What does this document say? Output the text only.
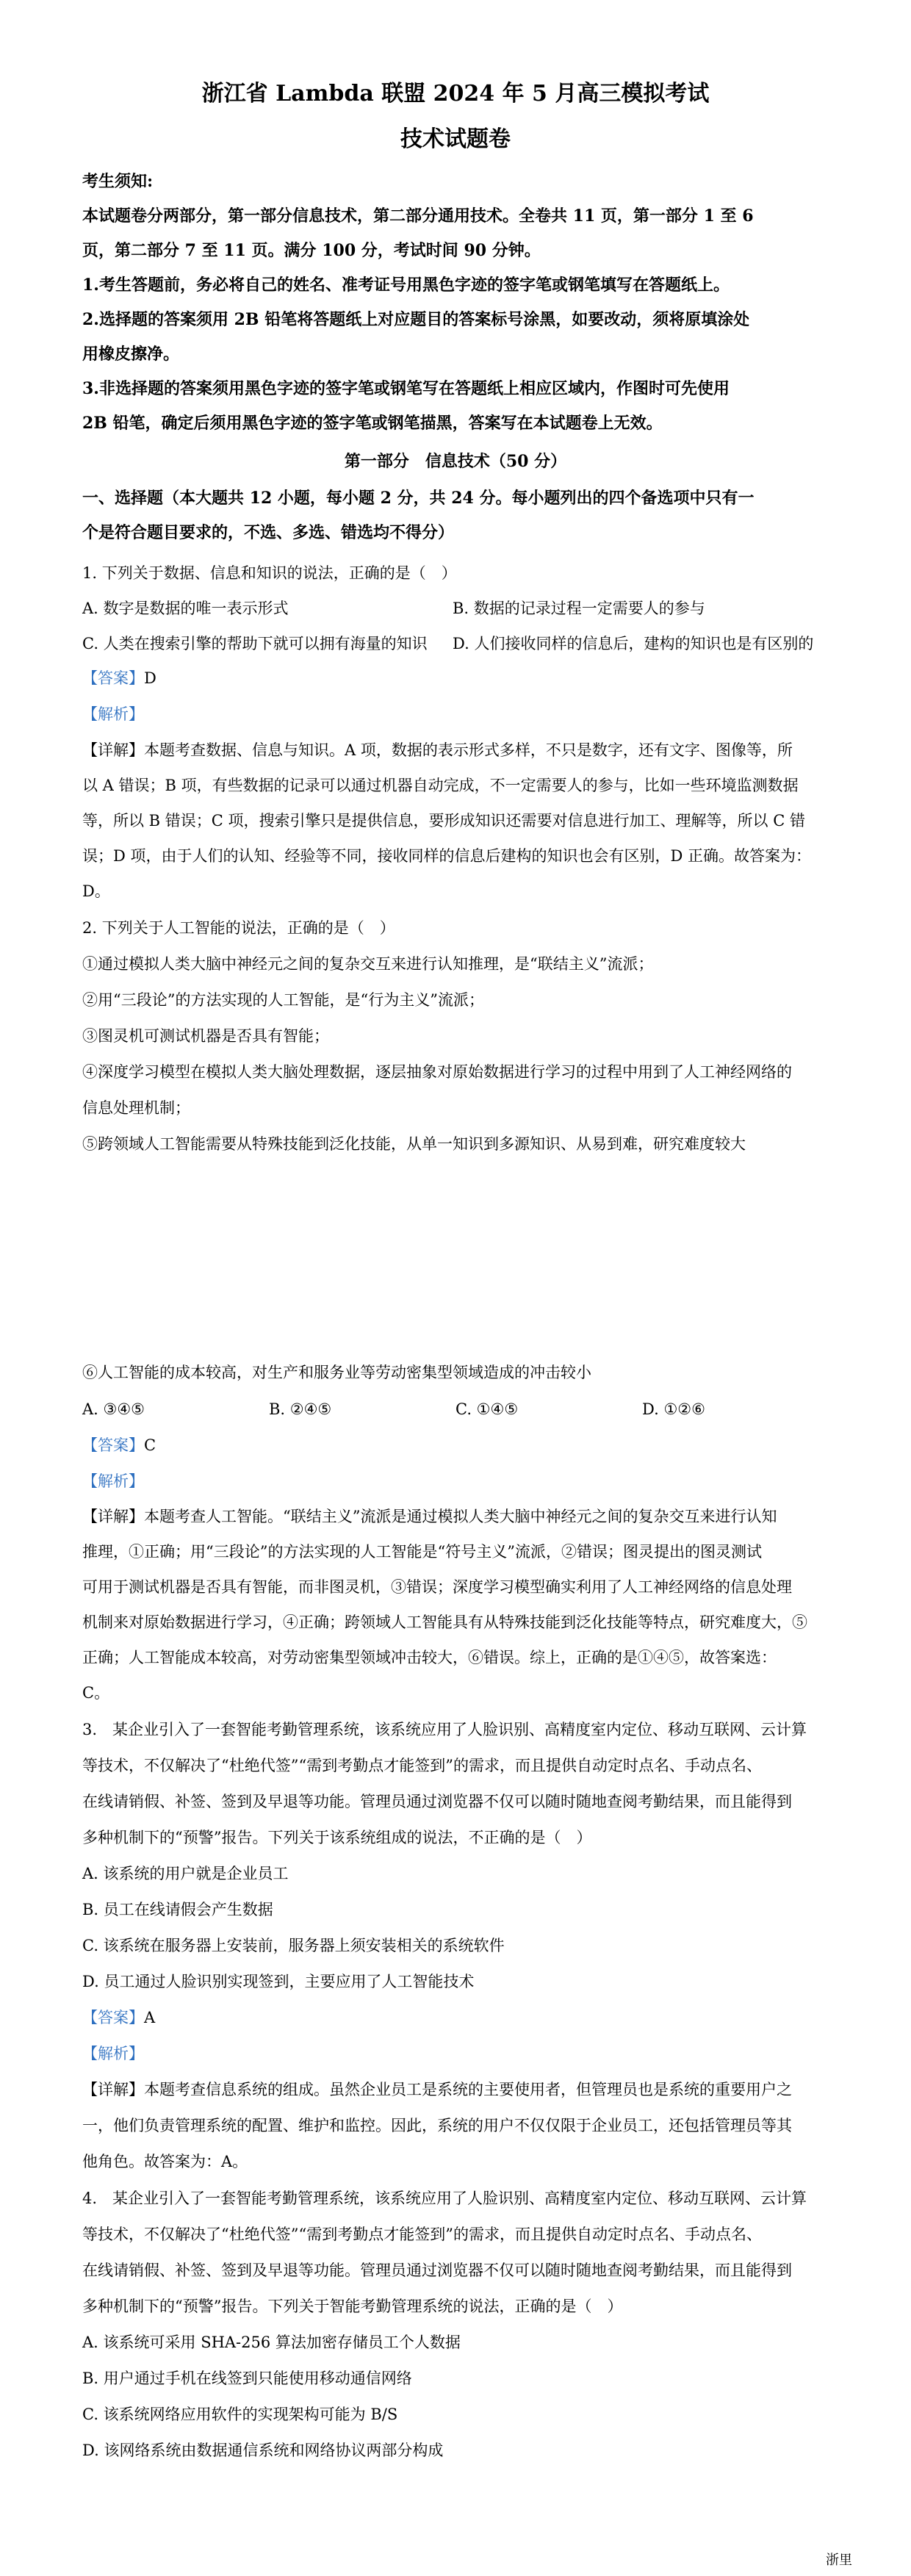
浙江省 Lambda 联盟 2024 年 5 月高三模拟考试
技术试题卷
考生须知:
本试题卷分两部分，第一部分信息技术，第二部分通用技术。全卷共 11 页，第一部分 1 至 6
页，第二部分 7 至 11 页。满分 100 分，考试时间 90 分钟。
1.考生答题前，务必将自己的姓名、准考证号用黑色字迹的签字笔或钢笔填写在答题纸上。
2.选择题的答案须用 2B 铅笔将答题纸上对应题目的答案标号涂黑，如要改动，须将原填涂处
用橡皮擦净。
3.非选择题的答案须用黑色字迹的签字笔或钢笔写在答题纸上相应区域内，作图时可先使用
2B 铅笔，确定后须用黑色字迹的签字笔或钢笔描黑，答案写在本试题卷上无效。
第一部分　信息技术（50 分）
一、选择题（本大题共 12 小题，每小题 2 分，共 24 分。每小题列出的四个备选项中只有一
个是符合题目要求的，不选、多选、错选均不得分）
1. 下列关于数据、信息和知识的说法，正确的是（　）
A. 数字是数据的唯一表示形式	B. 数据的记录过程一定需要人的参与
C. 人类在搜索引擎的帮助下就可以拥有海量的知识 D. 人们接收同样的信息后，建构的知识也是有区别的
【答案】D
【解析】
【详解】本题考查数据、信息与知识。A 项，数据的表示形式多样，不只是数字，还有文字、图像等，所
以 A 错误；B 项，有些数据的记录可以通过机器自动完成，不一定需要人的参与，比如一些环境监测数据
等，所以 B 错误；C 项，搜索引擎只是提供信息，要形成知识还需要对信息进行加工、理解等，所以 C 错
误；D 项，由于人们的认知、经验等不同，接收同样的信息后建构的知识也会有区别，D 正确。故答案为：
D。
2. 下列关于人工智能的说法，正确的是（　）
①通过模拟人类大脑中神经元之间的复杂交互来进行认知推理，是“联结主义”流派；
②用“三段论”的方法实现的人工智能，是“行为主义”流派；
③图灵机可测试机器是否具有智能；
④深度学习模型在模拟人类大脑处理数据，逐层抽象对原始数据进行学习的过程中用到了人工神经网络的
信息处理机制；
⑤跨领域人工智能需要从特殊技能到泛化技能，从单一知识到多源知识、从易到难，研究难度较大
⑥人工智能的成本较高，对生产和服务业等劳动密集型领域造成的冲击较小
A. ③④⑤	B. ②④⑤	C. ①④⑤	D. ①②⑥
【答案】C
【解析】
【详解】本题考查人工智能。“联结主义”流派是通过模拟人类大脑中神经元之间的复杂交互来进行认知
推理，①正确；用“三段论”的方法实现的人工智能是“符号主义”流派，②错误；图灵提出的图灵测试
可用于测试机器是否具有智能，而非图灵机，③错误；深度学习模型确实利用了人工神经网络的信息处理
机制来对原始数据进行学习，④正确；跨领域人工智能具有从特殊技能到泛化技能等特点，研究难度大，⑤
正确；人工智能成本较高，对劳动密集型领域冲击较大，⑥错误。综上，正确的是①④⑤，故答案选：
C。
3.　某企业引入了一套智能考勤管理系统，该系统应用了人脸识别、高精度室内定位、移动互联网、云计算
等技术，不仅解决了“杜绝代签”“需到考勤点才能签到”的需求，而且提供自动定时点名、手动点名、
在线请销假、补签、签到及早退等功能。管理员通过浏览器不仅可以随时随地查阅考勤结果，而且能得到
多种机制下的“预警”报告。下列关于该系统组成的说法，不正确的是（　）
A. 该系统的用户就是企业员工
B. 员工在线请假会产生数据
C. 该系统在服务器上安装前，服务器上须安装相关的系统软件
D. 员工通过人脸识别实现签到，主要应用了人工智能技术
【答案】A
【解析】
【详解】本题考查信息系统的组成。虽然企业员工是系统的主要使用者，但管理员也是系统的重要用户之
一，他们负责管理系统的配置、维护和监控。因此，系统的用户不仅仅限于企业员工，还包括管理员等其
他角色。故答案为：A。
4.　某企业引入了一套智能考勤管理系统，该系统应用了人脸识别、高精度室内定位、移动互联网、云计算
等技术，不仅解决了“杜绝代签”“需到考勤点才能签到”的需求，而且提供自动定时点名、手动点名、
在线请销假、补签、签到及早退等功能。管理员通过浏览器不仅可以随时随地查阅考勤结果，而且能得到
多种机制下的“预警”报告。下列关于智能考勤管理系统的说法，正确的是（　）
A. 该系统可采用 SHA-256 算法加密存储员工个人数据
B. 用户通过手机在线签到只能使用移动通信网络
C. 该系统网络应用软件的实现架构可能为 B/S
D. 该网络系统由数据通信系统和网络协议两部分构成
浙里
